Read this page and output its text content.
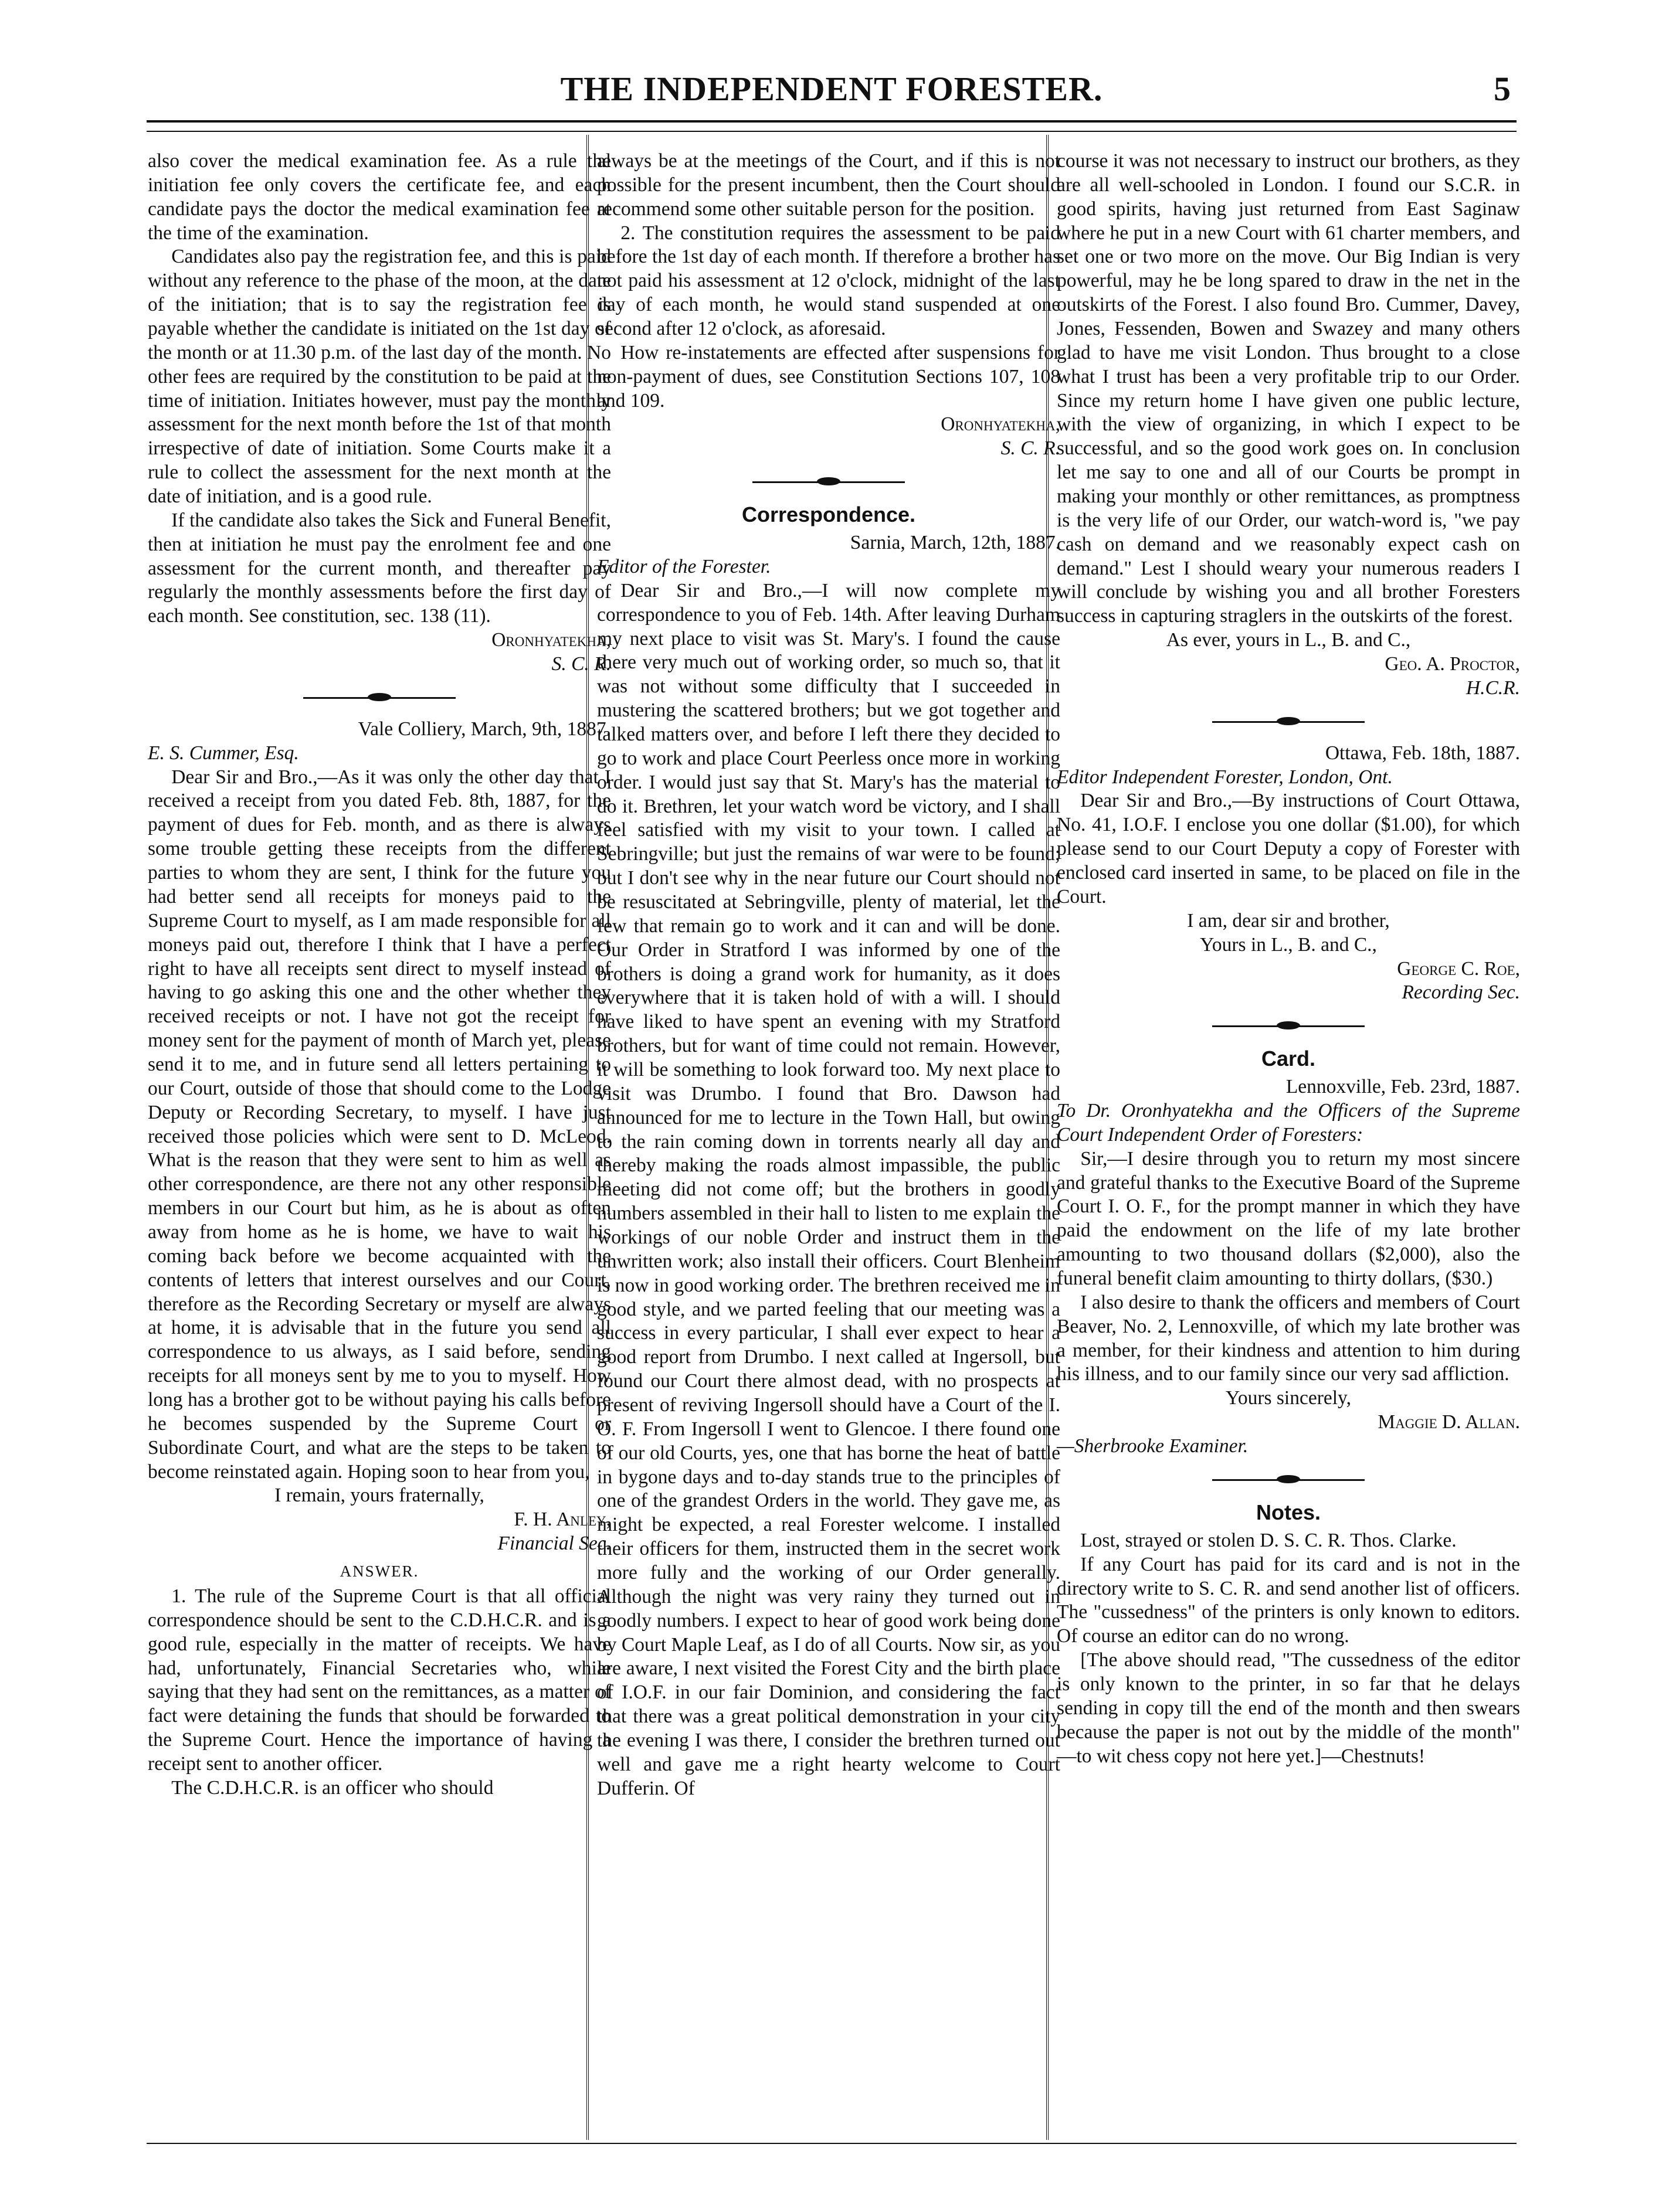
THE INDEPENDENT FORESTER.	5

also cover the medical examination fee. As a rule the initiation fee only covers the certificate fee, and each candidate pays the doctor the medical examination fee at the time of the examination.

Candidates also pay the registration fee, and this is paid without any reference to the phase of the moon, at the date of the initiation; that is to say the registration fee is payable whether the candidate is initiated on the 1st day of the month or at 11.30 p.m. of the last day of the month. No other fees are required by the constitution to be paid at the time of initiation. Initiates however, must pay the monthly assessment for the next month before the 1st of that month irrespective of date of initiation. Some Courts make it a rule to collect the assessment for the next month at the date of initiation, and is a good rule.

If the candidate also takes the Sick and Funeral Benefit, then at initiation he must pay the enrolment fee and one assessment for the current month, and thereafter pay regularly the monthly assessments before the first day of each month. See constitution, sec. 138 (11).

Oronhyatekha,
S. C. R.
Vale Colliery, March, 9th, 1887.
E. S. Cummer, Esq.

Dear Sir and Bro.,—As it was only the other day that I received a receipt from you dated Feb. 8th, 1887, for the payment of dues for Feb. month, and as there is always some trouble getting these receipts from the different parties to whom they are sent, I think for the future you had better send all receipts for moneys paid to the Supreme Court to myself, as I am made responsible for all moneys paid out, therefore I think that I have a perfect right to have all receipts sent direct to myself instead of having to go asking this one and the other whether they received receipts or not. I have not got the receipt for money sent for the payment of month of March yet, please send it to me, and in future send all letters pertaining to our Court, outside of those that should come to the Lodge Deputy or Recording Secretary, to myself. I have just received those policies which were sent to D. McLeod. What is the reason that they were sent to him as well as other correspondence, are there not any other responsible members in our Court but him, as he is about as often away from home as he is home, we have to wait his coming back before we become acquainted with the contents of letters that interest ourselves and our Court, therefore as the Recording Secretary or myself are always at home, it is advisable that in the future you send all correspondence to us always, as I said before, sending receipts for all moneys sent by me to you to myself. How long has a brother got to be without paying his calls before he becomes suspended by the Supreme Court or Subordinate Court, and what are the steps to be taken to become reinstated again. Hoping soon to hear from you,

I remain, yours fraternally,
F. H. Anley,
Financial Sec.
ANSWER.

1. The rule of the Supreme Court is that all official correspondence should be sent to the C.D.H.C.R. and is a good rule, especially in the matter of receipts. We have had, unfortunately, Financial Secretaries who, while saying that they had sent on the remittances, as a matter of fact were detaining the funds that should be forwarded to the Supreme Court. Hence the importance of having a receipt sent to another officer.

The C.D.H.C.R. is an officer who should

always be at the meetings of the Court, and if this is not possible for the present incumbent, then the Court should recommend some other suitable person for the position.

2. The constitution requires the assessment to be paid before the 1st day of each month. If therefore a brother has not paid his assessment at 12 o'clock, midnight of the last day of each month, he would stand suspended at one second after 12 o'clock, as aforesaid.

How re-instatements are effected after suspensions for non-payment of dues, see Constitution Sections 107, 108 and 109.

Oronhyatekha,
S. C. R.
Correspondence.
Sarnia, March, 12th, 1887.
Editor of the Forester.

Dear Sir and Bro.,—I will now complete my correspondence to you of Feb. 14th. After leaving Durham my next place to visit was St. Mary's. I found the cause there very much out of working order, so much so, that it was not without some difficulty that I succeeded in mustering the scattered brothers; but we got together and talked matters over, and before I left there they decided to go to work and place Court Peerless once more in working order. I would just say that St. Mary's has the material to do it. Brethren, let your watch word be victory, and I shall feel satisfied with my visit to your town. I called at Sebringville; but just the remains of war were to be found; but I don't see why in the near future our Court should not be resuscitated at Sebringville, plenty of material, let the few that remain go to work and it can and will be done. Our Order in Stratford I was informed by one of the brothers is doing a grand work for humanity, as it does everywhere that it is taken hold of with a will. I should have liked to have spent an evening with my Stratford brothers, but for want of time could not remain. However, it will be something to look forward too. My next place to visit was Drumbo. I found that Bro. Dawson had announced for me to lecture in the Town Hall, but owing to the rain coming down in torrents nearly all day and thereby making the roads almost impassible, the public meeting did not come off; but the brothers in goodly numbers assembled in their hall to listen to me explain the workings of our noble Order and instruct them in the unwritten work; also install their officers. Court Blenheim is now in good working order. The brethren received me in good style, and we parted feeling that our meeting was a success in every particular, I shall ever expect to hear a good report from Drumbo. I next called at Ingersoll, but found our Court there almost dead, with no prospects at present of reviving Ingersoll should have a Court of the I. O. F. From Ingersoll I went to Glencoe. I there found one of our old Courts, yes, one that has borne the heat of battle in bygone days and to-day stands true to the principles of one of the grandest Orders in the world. They gave me, as might be expected, a real Forester welcome. I installed their officers for them, instructed them in the secret work more fully and the working of our Order generally. Although the night was very rainy they turned out in goodly numbers. I expect to hear of good work being done by Court Maple Leaf, as I do of all Courts. Now sir, as you are aware, I next visited the Forest City and the birth place of I.O.F. in our fair Dominion, and considering the fact that there was a great political demonstration in your city the evening I was there, I consider the brethren turned out well and gave me a right hearty welcome to Court Dufferin. Of

course it was not necessary to instruct our brothers, as they are all well-schooled in London. I found our S.C.R. in good spirits, having just returned from East Saginaw where he put in a new Court with 61 charter members, and set one or two more on the move. Our Big Indian is very powerful, may he be long spared to draw in the net in the outskirts of the Forest. I also found Bro. Cummer, Davey, Jones, Fessenden, Bowen and Swazey and many others glad to have me visit London. Thus brought to a close what I trust has been a very profitable trip to our Order. Since my return home I have given one public lecture, with the view of organizing, in which I expect to be successful, and so the good work goes on. In conclusion let me say to one and all of our Courts be prompt in making your monthly or other remittances, as promptness is the very life of our Order, our watch-word is, "we pay cash on demand and we reasonably expect cash on demand." Lest I should weary your numerous readers I will conclude by wishing you and all brother Foresters success in capturing straglers in the outskirts of the forest.

As ever, yours in L., B. and C.,
Geo. A. Proctor,
H.C.R.
Ottawa, Feb. 18th, 1887.
Editor Independent Forester, London, Ont.

Dear Sir and Bro.,—By instructions of Court Ottawa, No. 41, I.O.F. I enclose you one dollar ($1.00), for which please send to our Court Deputy a copy of Forester with enclosed card inserted in same, to be placed on file in the Court.

I am, dear sir and brother,
Yours in L., B. and C.,
George C. Roe,
Recording Sec.
Card.
Lennoxville, Feb. 23rd, 1887.
To Dr. Oronhyatekha and the Officers of the Supreme Court Independent Order of Foresters:

Sir,—I desire through you to return my most sincere and grateful thanks to the Executive Board of the Supreme Court I. O. F., for the prompt manner in which they have paid the endowment on the life of my late brother amounting to two thousand dollars ($2,000), also the funeral benefit claim amounting to thirty dollars, ($30.)

I also desire to thank the officers and members of Court Beaver, No. 2, Lennoxville, of which my late brother was a member, for their kindness and attention to him during his illness, and to our family since our very sad affliction.

Yours sincerely,
Maggie D. Allan.
—Sherbrooke Examiner.
Notes.

Lost, strayed or stolen D. S. C. R. Thos. Clarke.

If any Court has paid for its card and is not in the directory write to S. C. R. and send another list of officers. The "cussedness" of the printers is only known to editors. Of course an editor can do no wrong.

[The above should read, "The cussedness of the editor is only known to the printer, in so far that he delays sending in copy till the end of the month and then swears because the paper is not out by the middle of the month" —to wit chess copy not here yet.]—Chestnuts!
